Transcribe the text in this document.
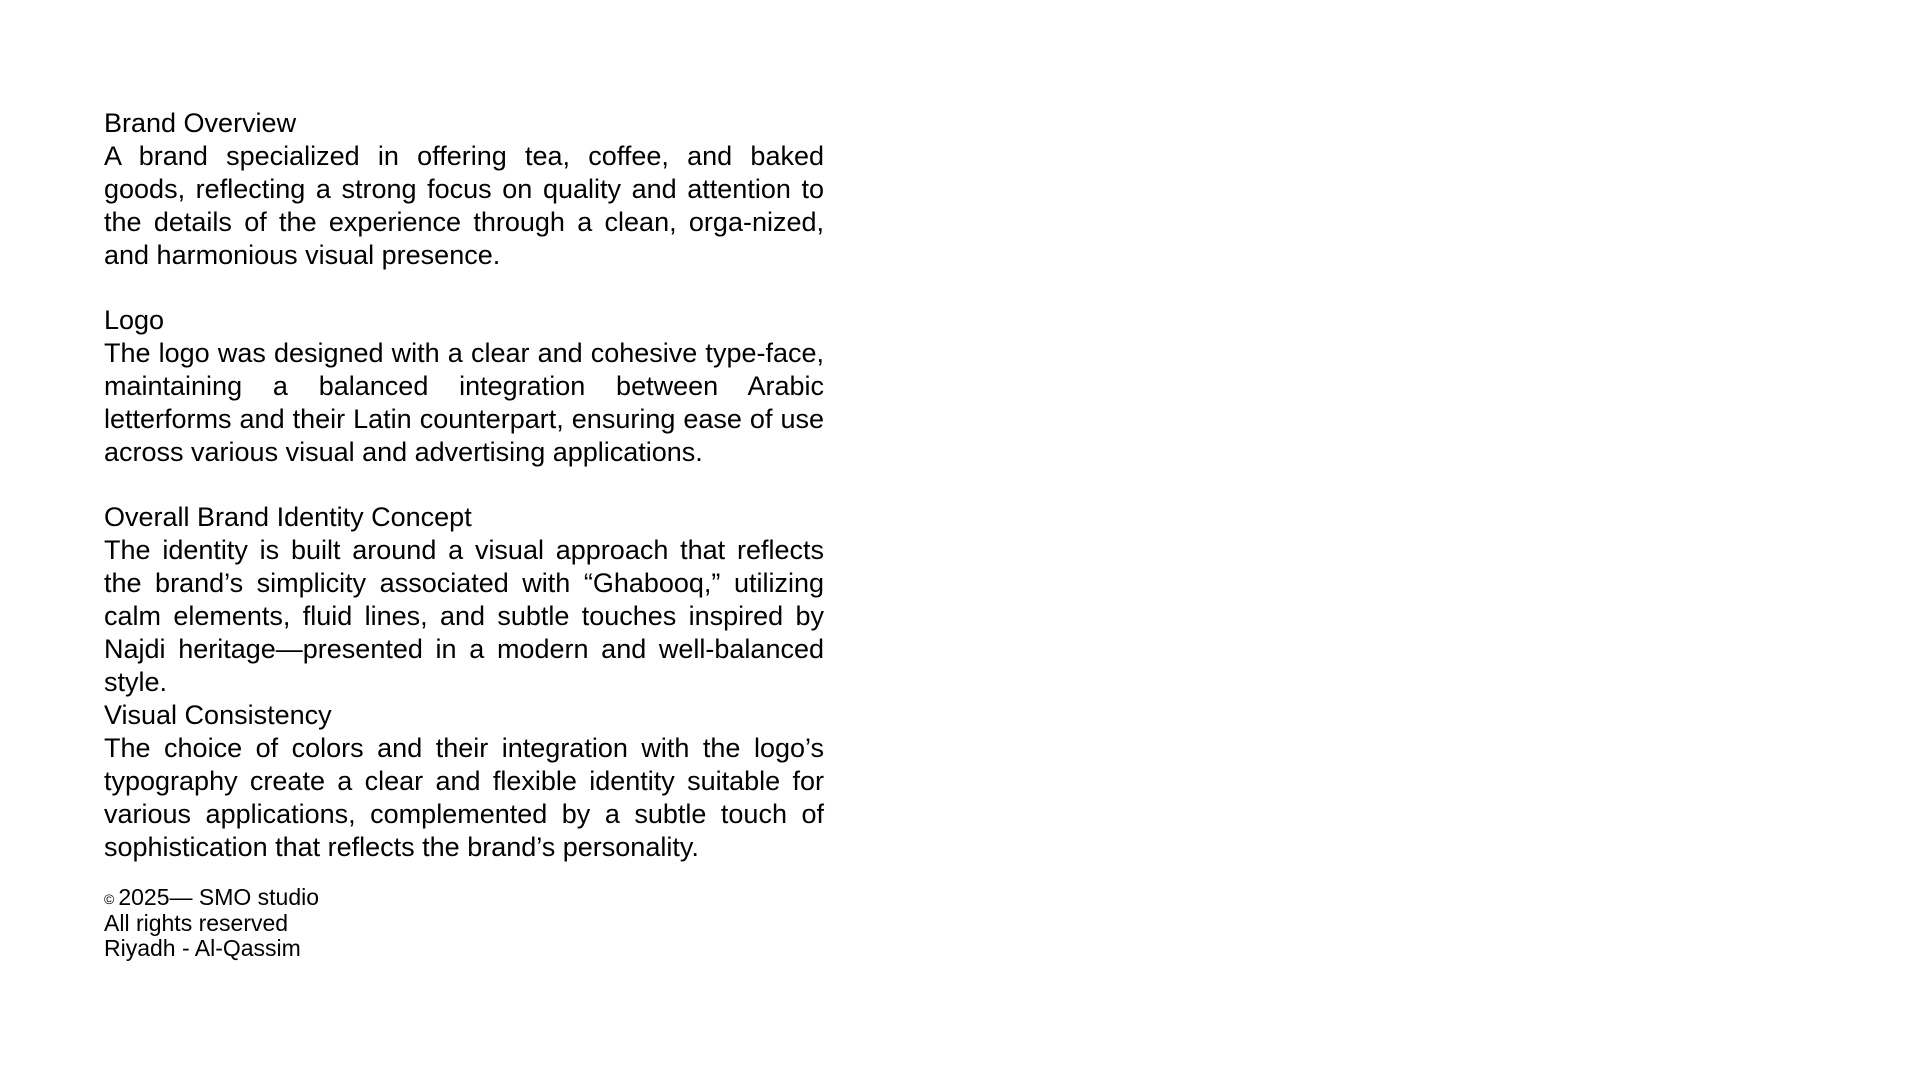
Brand Overview

A brand specialized in offering tea, coffee, and baked goods, reflecting a strong focus on quality and attention to the details of the experience through a clean, orga-nized, and harmonious visual presence.

Logo

The logo was designed with a clear and cohesive type-face, maintaining a balanced integration between Arabic letterforms and their Latin counterpart, ensuring ease of use across various visual and advertising applications.

Overall Brand Identity Concept

The identity is built around a visual approach that reflects the brand’s simplicity associated with “Ghabooq,” utilizing calm elements, fluid lines, and subtle touches inspired by Najdi heritage—presented in a modern and well-balanced style.

Visual Consistency

The choice of colors and their integration with the logo’s typography create a clear and flexible identity suitable for various applications, complemented by a subtle touch of sophistication that reflects the brand’s personality.

© 2025— SMO studio

All rights reserved

Riyadh - Al-Qassim
